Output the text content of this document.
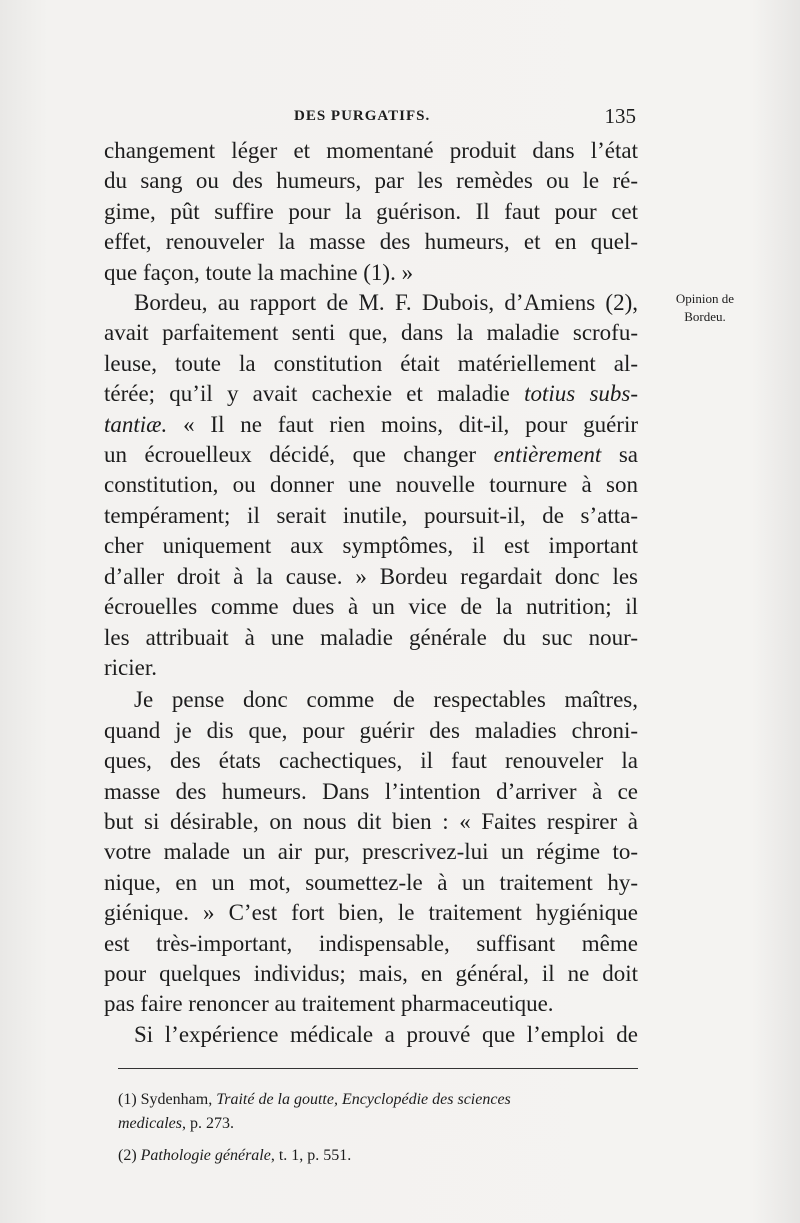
DES PURGATIFS.	135
Opinion de
Bordeu.

changement léger et momentané produit dans l’état
du sang ou des humeurs, par les remèdes ou le ré-
gime, pût suffire pour la guérison. Il faut pour cet
effet, renouveler la masse des humeurs, et en quel-
que façon, toute la machine (1). »

Bordeu, au rapport de M. F. Dubois, d’Amiens (2),
avait parfaitement senti que, dans la maladie scrofu-
leuse, toute la constitution était matériellement al-
térée; qu’il y avait cachexie et maladie totius subs-
tantiæ. « Il ne faut rien moins, dit-il, pour guérir
un écrouelleux décidé, que changer entièrement sa
constitution, ou donner une nouvelle tournure à son
tempérament; il serait inutile, poursuit-il, de s’atta-
cher uniquement aux symptômes, il est important
d’aller droit à la cause. » Bordeu regardait donc les
écrouelles comme dues à un vice de la nutrition; il
les attribuait à une maladie générale du suc nour-
ricier.

Je pense donc comme de respectables maîtres,
quand je dis que, pour guérir des maladies chroni-
ques, des états cachectiques, il faut renouveler la
masse des humeurs. Dans l’intention d’arriver à ce
but si désirable, on nous dit bien : « Faites respirer à
votre malade un air pur, prescrivez-lui un régime to-
nique, en un mot, soumettez-le à un traitement hy-
giénique. » C’est fort bien, le traitement hygiénique
est très-important, indispensable, suffisant même
pour quelques individus; mais, en général, il ne doit
pas faire renoncer au traitement pharmaceutique.

Si l’expérience médicale a prouvé que l’emploi de

(1) Sydenham, Traité de la goutte, Encyclopédie des sciences
medicales, p. 273.

(2) Pathologie générale, t. 1, p. 551.
